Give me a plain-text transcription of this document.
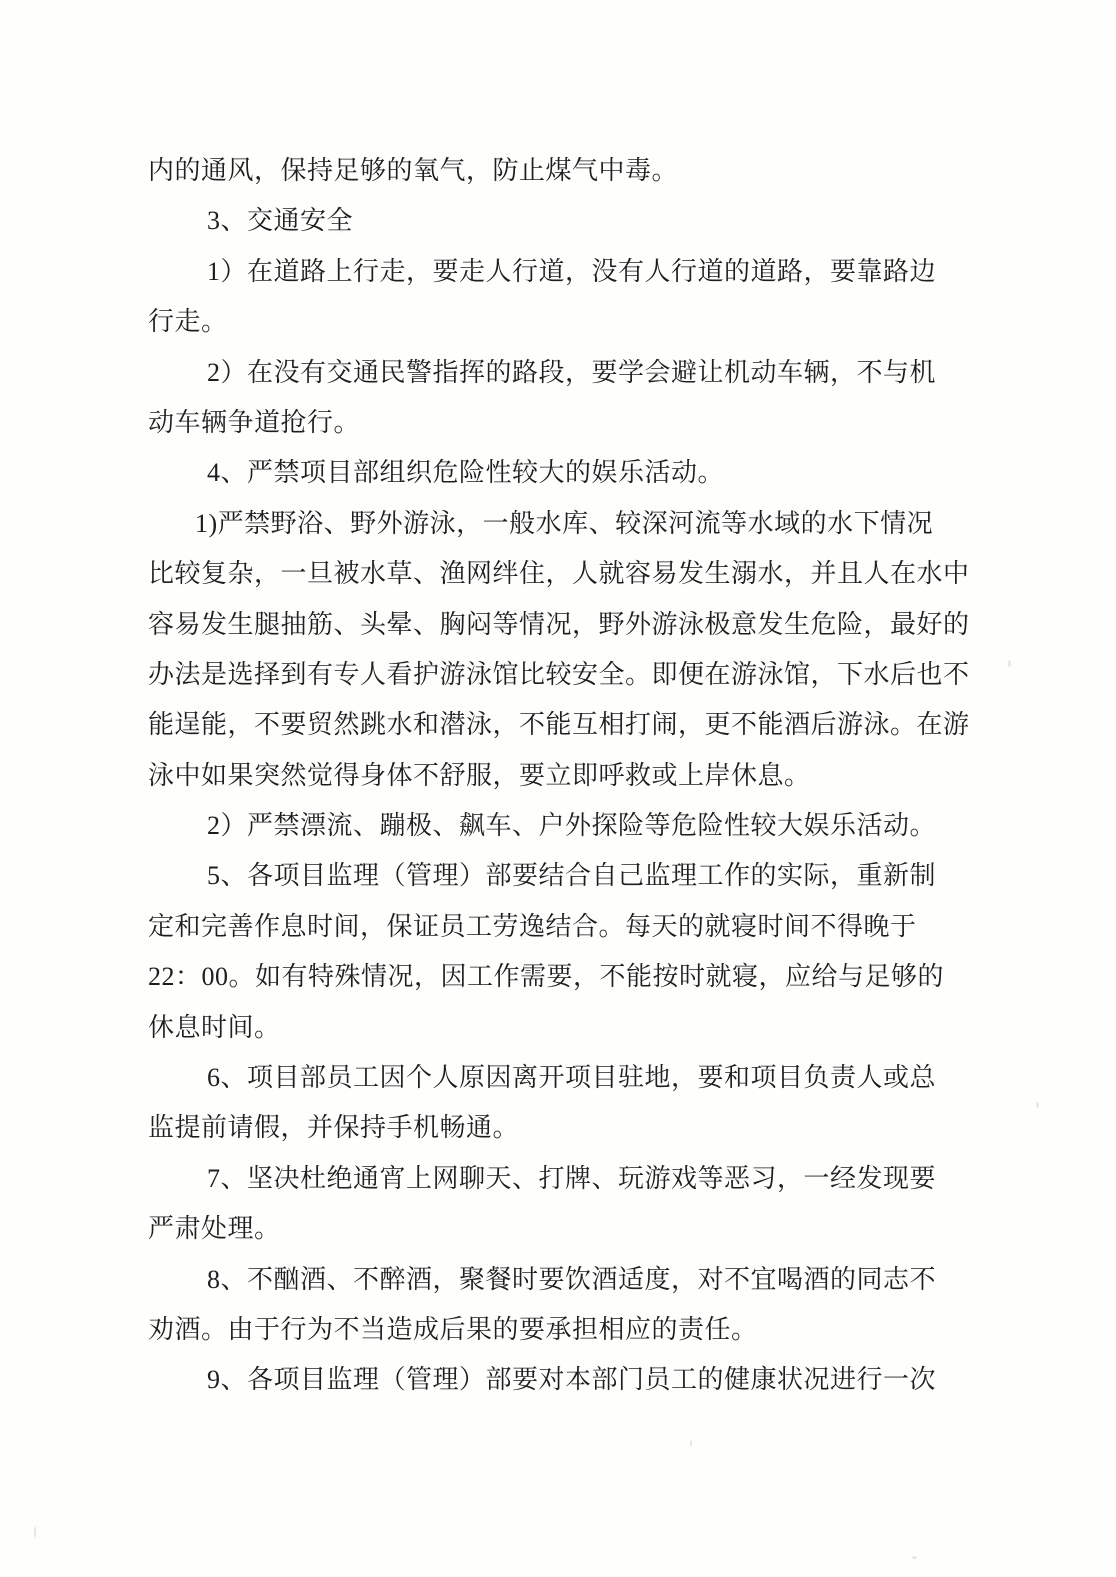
内的通风，保持足够的氧气，防止煤气中毒。
3、交通安全
1）在道路上行走，要走人行道，没有人行道的道路，要靠路边
行走。
2）在没有交通民警指挥的路段，要学会避让机动车辆，不与机
动车辆争道抢行。
4、严禁项目部组织危险性较大的娱乐活动。
1)严禁野浴、野外游泳，一般水库、较深河流等水域的水下情况
比较复杂，一旦被水草、渔网绊住，人就容易发生溺水，并且人在水中
容易发生腿抽筋、头晕、胸闷等情况，野外游泳极意发生危险，最好的
办法是选择到有专人看护游泳馆比较安全。即便在游泳馆，下水后也不
能逞能，不要贸然跳水和潜泳，不能互相打闹，更不能酒后游泳。在游
泳中如果突然觉得身体不舒服，要立即呼救或上岸休息。
2）严禁漂流、蹦极、飙车、户外探险等危险性较大娱乐活动。
5、各项目监理（管理）部要结合自己监理工作的实际，重新制
定和完善作息时间，保证员工劳逸结合。每天的就寝时间不得晚于
22：00。如有特殊情况，因工作需要，不能按时就寝，应给与足够的
休息时间。
6、项目部员工因个人原因离开项目驻地，要和项目负责人或总
监提前请假，并保持手机畅通。
7、坚决杜绝通宵上网聊天、打牌、玩游戏等恶习，一经发现要
严肃处理。
8、不酗酒、不醉酒，聚餐时要饮酒适度，对不宜喝酒的同志不
劝酒。由于行为不当造成后果的要承担相应的责任。
9、各项目监理（管理）部要对本部门员工的健康状况进行一次
